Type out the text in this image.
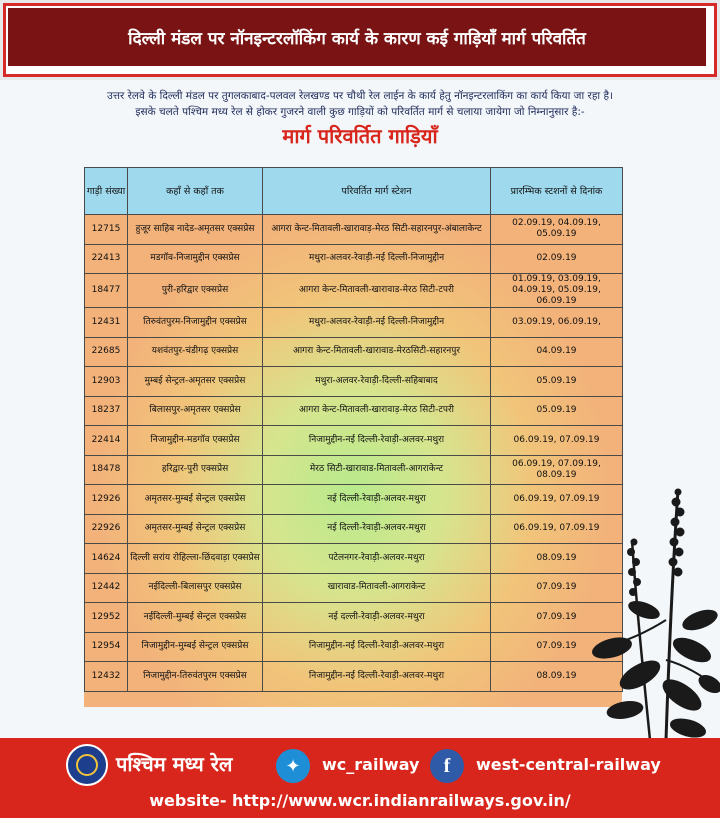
दिल्ली मंडल पर नॉनइन्टरलॉकिंग कार्य के कारण कई गाड़ियाँ मार्ग परिवर्तित
उत्तर रेलवे के दिल्ली मंडल पर तुगलकाबाद-पलवल रेलखण्ड पर चौथी रेल लाईन के कार्य हेतु नॉनइन्टरलाकिंग का कार्य किया जा रहा है।
इसके चलते पश्चिम मध्य रेल से होकर गुजरने वाली कुछ गाड़ियों को परिवर्तित मार्ग से चलाया जायेगा जो निम्नानुसार है:-
मार्ग परिवर्तित गाड़ियाँ
गाड़ी संख्या	कहाँ से कहाँ तक	परिवर्तित मार्ग स्टेशन	प्रारम्भिक स्टशनों से दिनांक
12715	हुजूर साहिब नादेड-अमृतसर एक्सप्रेस	आगरा केन्ट-मितावली-खारावाड़-मेरठ सिटी-सहारनपुर-अंबालाकेन्ट	02.09.19, 04.09.19, 05.09.19
22413	मडगॉव-निजामुद्दीन एक्सप्रेस	मथुरा-अलवर-रेवाड़ी-नई दिल्ली-निजामुद्दीन	02.09.19
18477	पुरी-हरिद्वार एक्सप्रेस	आगरा केन्ट-मितावली-खारावाड-मेरठ सिटी-टपरी	01.09.19, 03.09.19, 04.09.19, 05.09.19, 06.09.19
12431	तिरुवंतपुरम-निजामुद्दीन एक्सप्रेस	मथुरा-अलवर-रेवाड़ी-नई दिल्ली-निजामुद्दीन	03.09.19, 06.09.19,
22685	यशवंतपुर-चंडीगढ़ एक्सप्रेस	आगरा केन्ट-मितावली-खारावाड-मेरठसिटी-सहारनपुर	04.09.19
12903	मुम्बई सेन्ट्रल-अमृतसर एक्सप्रेस	मथुरा-अलवर-रेवाड़ी-दिल्ली-सहिबाबाद	05.09.19
18237	बिलासपुर-अमृतसर एक्सप्रेस	आगरा केन्ट-मितावली-खारावाड़-मेरठ सिटी-टपरी	05.09.19
22414	निजामुद्दीन-मडगॉव एक्सप्रेस	निजामुद्दीन-नई दिल्ली-रेवाड़ी-अलवर-मथुरा	06.09.19, 07.09.19
18478	हरिद्वार-पुरी एक्सप्रेस	मेरठ सिटी-खारावाड-मितावली-आगराकेन्ट	06.09.19, 07.09.19, 08.09.19
12926	अमृतसर-मुम्बई सेन्ट्रल एक्सप्रेस	नई दिल्ली-रेवाड़ी-अलवर-मथुरा	06.09.19, 07.09.19
22926	अमृतसर-मुम्बई सेन्ट्रल एक्सप्रेस	नई दिल्ली-रेवाड़ी-अलवर-मथुरा	06.09.19, 07.09.19
14624	दिल्ली सरांय रोहिल्ला-छिंदवाड़ा एक्सप्रेस	पटेलनगर-रेवाड़ी-अलवर-मथुरा	08.09.19
12442	नईदिल्ली-बिलासपुर एक्सप्रेस	खारावाड-मितावली-आगराकेन्ट	07.09.19
12952	नईदिल्ली-मुम्बई सेन्ट्रल एक्सप्रेस	नई दल्ली-रेवाड़ी-अलवर-मथुरा	07.09.19
12954	निजामुद्दीन-मुम्बई सेन्ट्रल एक्सप्रेस	निजामुद्दीन-नई दिल्ली-रेवाड़ी-अलवर-मथुरा	07.09.19
12432	निजामुद्दीन-तिरुवंतपुरम एक्सप्रेस	निजामुद्दीन-नई दिल्ली-रेवाड़ी-अलवर-मथुरा	08.09.19
पश्चिम मध्य रेल	✦	wc_railway	f	west-central-railway
website- http://www.wcr.indianrailways.gov.in/
